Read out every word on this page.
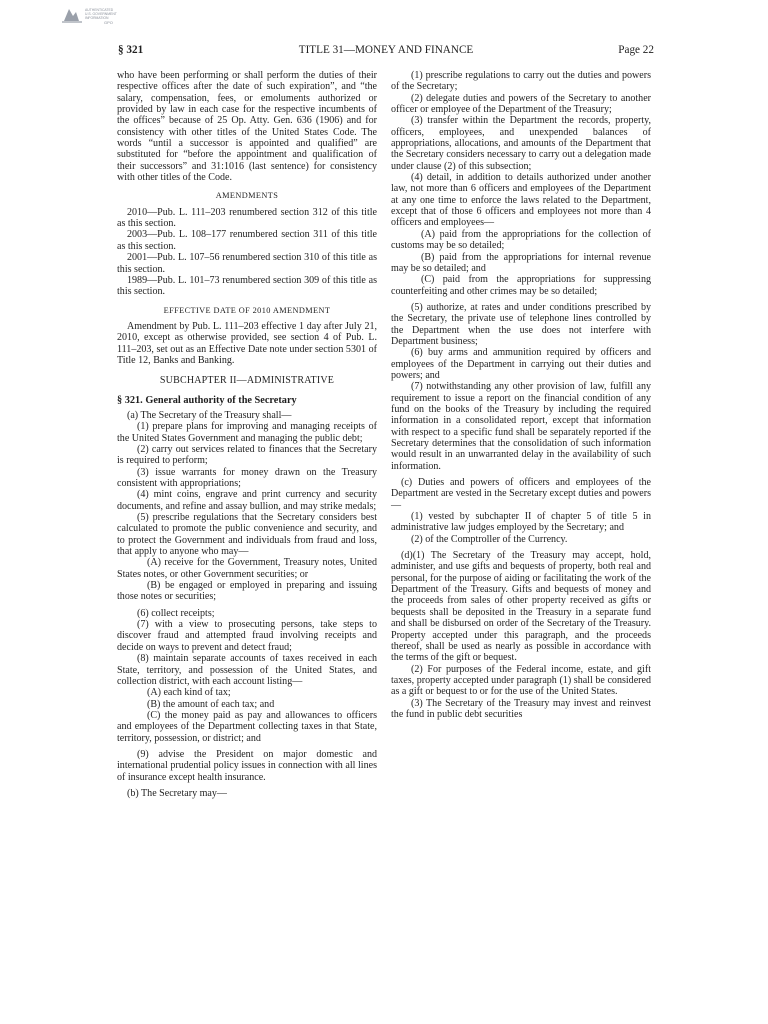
AUTHENTICATED
U.S. GOVERNMENT
INFORMATION
GPO
§ 321	TITLE 31—MONEY AND FINANCE	Page 22

who have been performing or shall perform the duties of their respective offices after the date of such expiration”, and “the salary, compensation, fees, or emoluments authorized or provided by law in each case for the respective incumbents of the offices” because of 25 Op. Atty. Gen. 636 (1906) and for consistency with other titles of the United States Code. The words “until a successor is appointed and qualified” are substituted for “before the appointment and qualification of their successors” and 31:1016 (last sentence) for consistency with other titles of the Code.

AMENDMENTS

2010—Pub. L. 111–203 renumbered section 312 of this title as this section.

2003—Pub. L. 108–177 renumbered section 311 of this title as this section.

2001—Pub. L. 107–56 renumbered section 310 of this title as this section.

1989—Pub. L. 101–73 renumbered section 309 of this title as this section.

EFFECTIVE DATE OF 2010 AMENDMENT

Amendment by Pub. L. 111–203 effective 1 day after July 21, 2010, except as otherwise provided, see section 4 of Pub. L. 111–203, set out as an Effective Date note under section 5301 of Title 12, Banks and Banking.

SUBCHAPTER II—ADMINISTRATIVE
§ 321. General authority of the Secretary

(a) The Secretary of the Treasury shall—

(1) prepare plans for improving and managing receipts of the United States Government and managing the public debt;

(2) carry out services related to finances that the Secretary is required to perform;

(3) issue warrants for money drawn on the Treasury consistent with appropriations;

(4) mint coins, engrave and print currency and security documents, and refine and assay bullion, and may strike medals;

(5) prescribe regulations that the Secretary considers best calculated to promote the public convenience and security, and to protect the Government and individuals from fraud and loss, that apply to anyone who may—

(A) receive for the Government, Treasury notes, United States notes, or other Government securities; or

(B) be engaged or employed in preparing and issuing those notes or securities;

(6) collect receipts;

(7) with a view to prosecuting persons, take steps to discover fraud and attempted fraud involving receipts and decide on ways to prevent and detect fraud;

(8) maintain separate accounts of taxes received in each State, territory, and possession of the United States, and collection district, with each account listing—

(A) each kind of tax;

(B) the amount of each tax; and

(C) the money paid as pay and allowances to officers and employees of the Department collecting taxes in that State, territory, possession, or district; and

(9) advise the President on major domestic and international prudential policy issues in connection with all lines of insurance except health insurance.

(b) The Secretary may—

(1) prescribe regulations to carry out the duties and powers of the Secretary;

(2) delegate duties and powers of the Secretary to another officer or employee of the Department of the Treasury;

(3) transfer within the Department the records, property, officers, employees, and unexpended balances of appropriations, allocations, and amounts of the Department that the Secretary considers necessary to carry out a delegation made under clause (2) of this subsection;

(4) detail, in addition to details authorized under another law, not more than 6 officers and employees of the Department at any one time to enforce the laws related to the Department, except that of those 6 officers and employees not more than 4 officers and employees—

(A) paid from the appropriations for the collection of customs may be so detailed;

(B) paid from the appropriations for internal revenue may be so detailed; and

(C) paid from the appropriations for suppressing counterfeiting and other crimes may be so detailed;

(5) authorize, at rates and under conditions prescribed by the Secretary, the private use of telephone lines controlled by the Department when the use does not interfere with Department business;

(6) buy arms and ammunition required by officers and employees of the Department in carrying out their duties and powers; and

(7) notwithstanding any other provision of law, fulfill any requirement to issue a report on the financial condition of any fund on the books of the Treasury by including the required information in a consolidated report, except that information with respect to a specific fund shall be separately reported if the Secretary determines that the consolidation of such information would result in an unwarranted delay in the availability of such information.

(c) Duties and powers of officers and employees of the Department are vested in the Secretary except duties and powers—

(1) vested by subchapter II of chapter 5 of title 5 in administrative law judges employed by the Secretary; and

(2) of the Comptroller of the Currency.

(d)(1) The Secretary of the Treasury may accept, hold, administer, and use gifts and bequests of property, both real and personal, for the purpose of aiding or facilitating the work of the Department of the Treasury. Gifts and bequests of money and the proceeds from sales of other property received as gifts or bequests shall be deposited in the Treasury in a separate fund and shall be disbursed on order of the Secretary of the Treasury. Property accepted under this paragraph, and the proceeds thereof, shall be used as nearly as possible in accordance with the terms of the gift or bequest.

(2) For purposes of the Federal income, estate, and gift taxes, property accepted under paragraph (1) shall be considered as a gift or bequest to or for the use of the United States.

(3) The Secretary of the Treasury may invest and reinvest the fund in public debt securities
